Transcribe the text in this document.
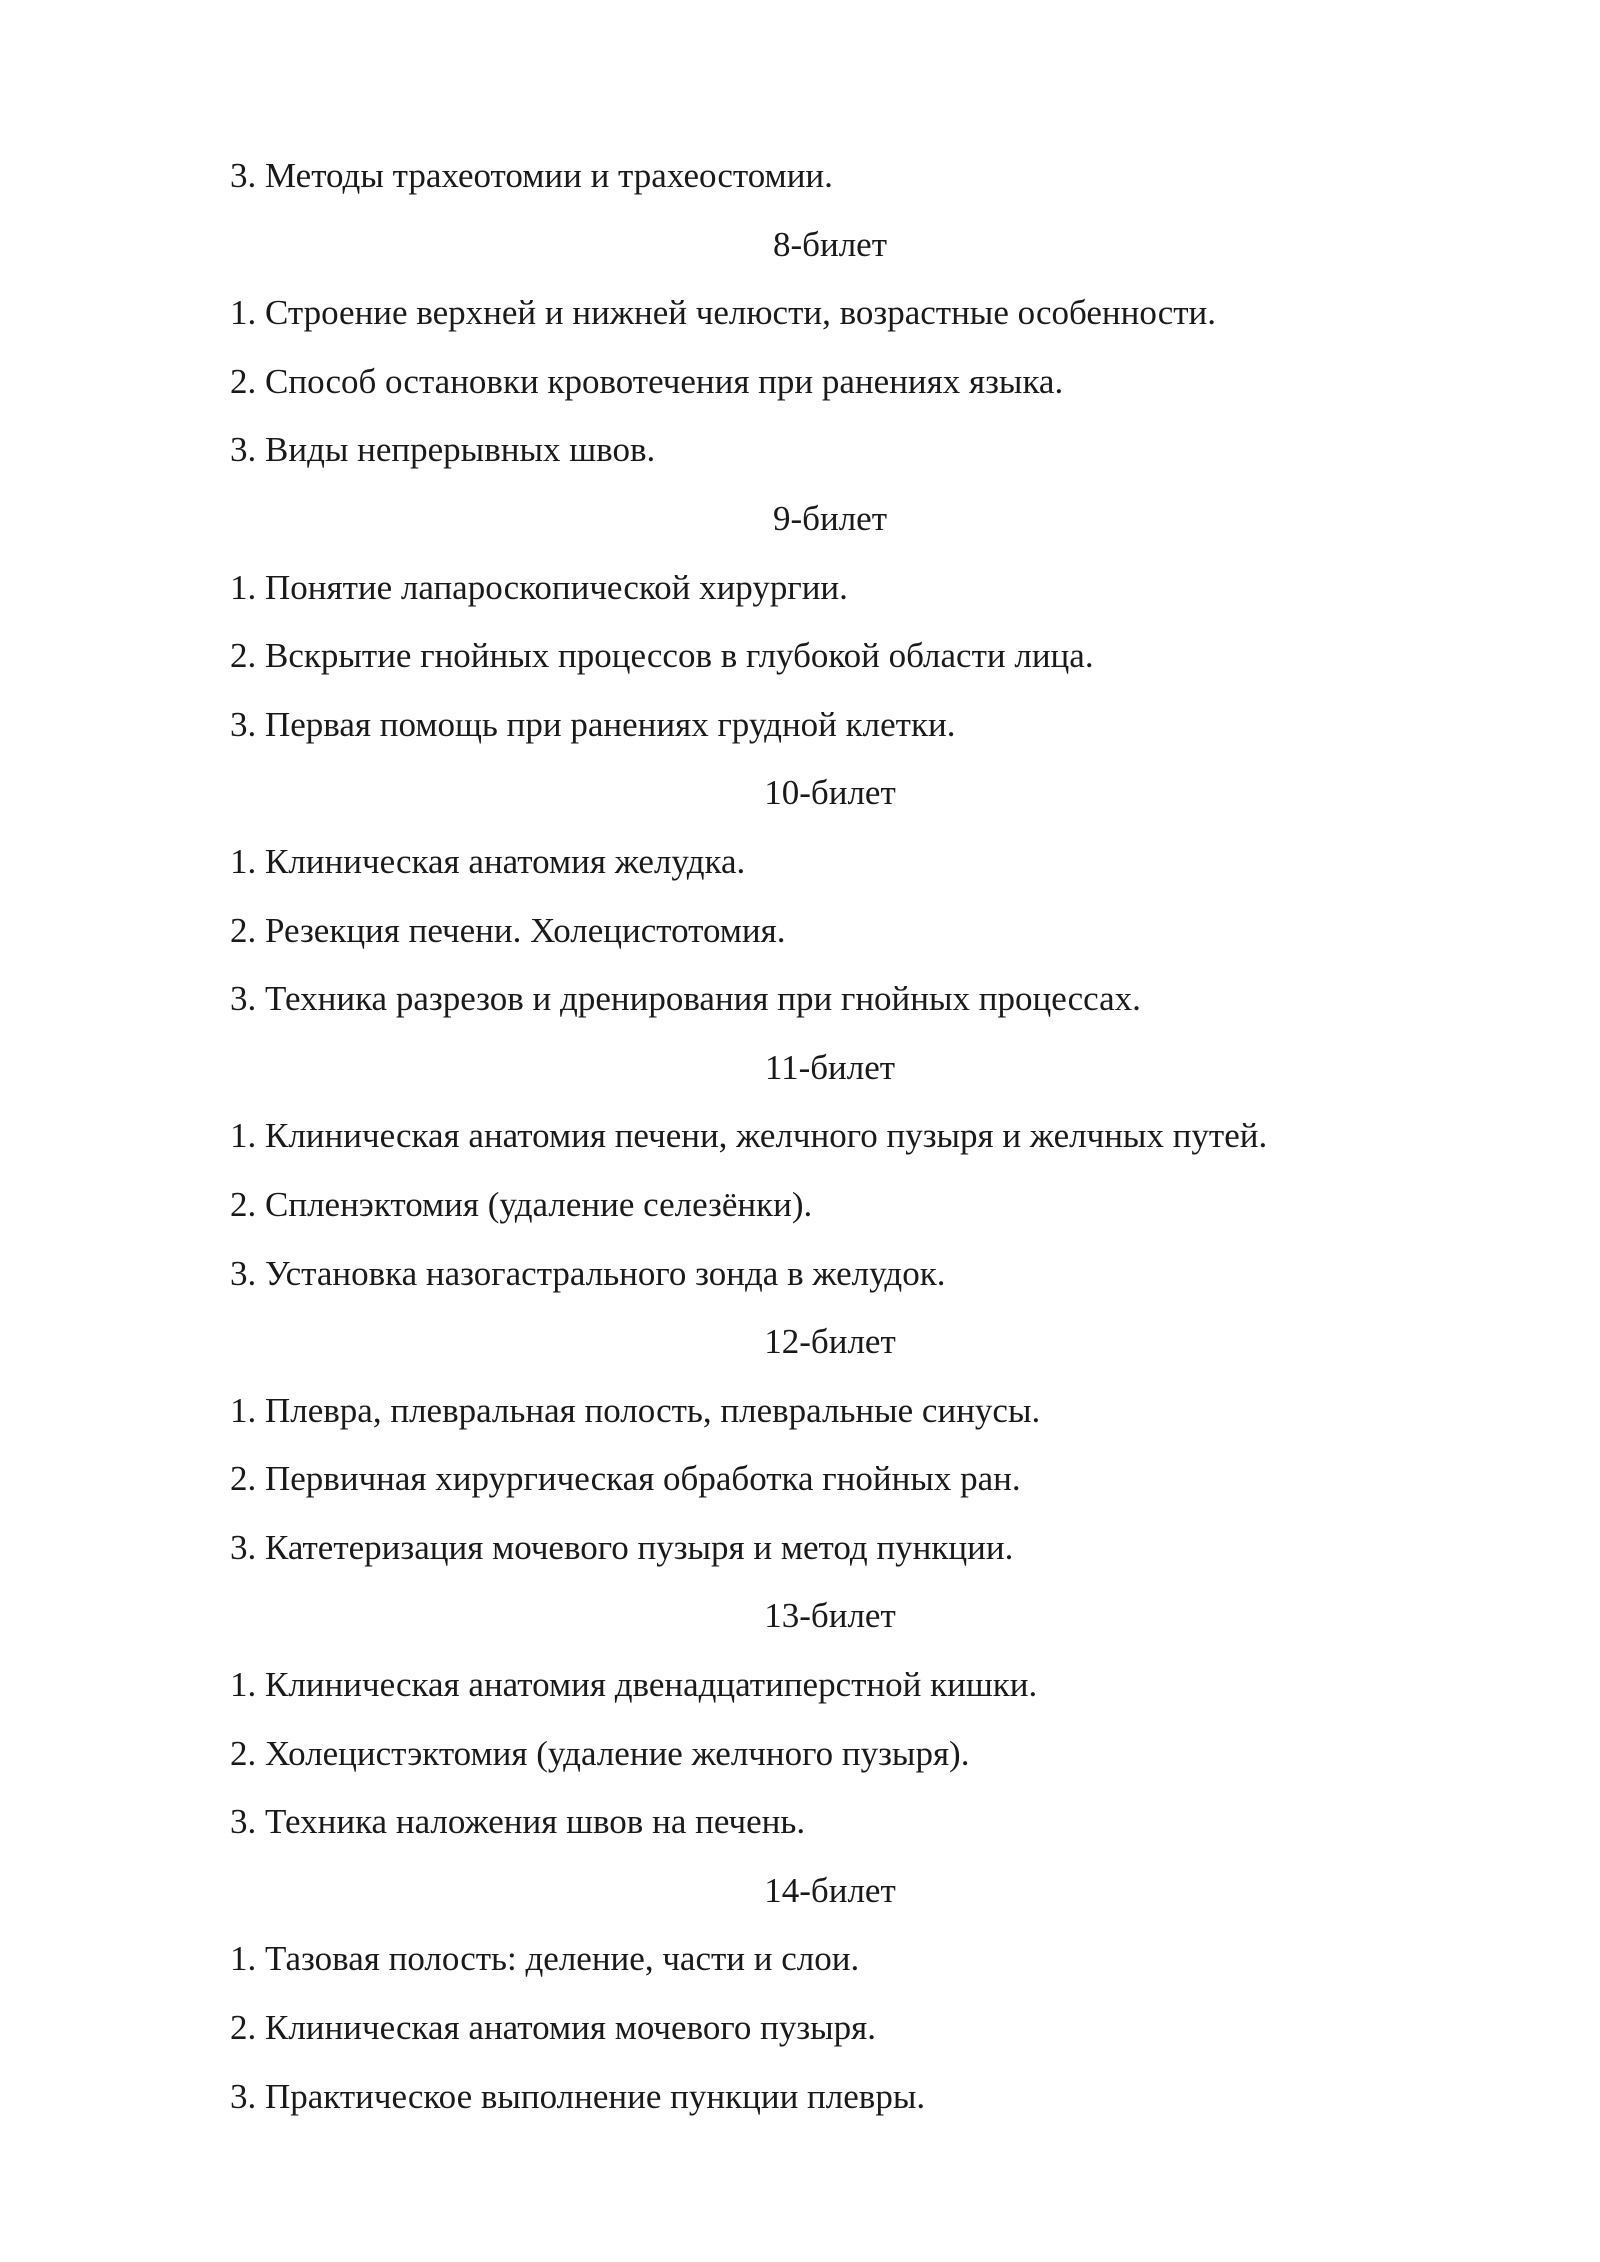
3. Методы трахеотомии и трахеостомии.
8-билет
1. Строение верхней и нижней челюсти, возрастные особенности.
2. Способ остановки кровотечения при ранениях языка.
3. Виды непрерывных швов.
9-билет
1. Понятие лапароскопической хирургии.
2. Вскрытие гнойных процессов в глубокой области лица.
3. Первая помощь при ранениях грудной клетки.
10-билет
1. Клиническая анатомия желудка.
2. Резекция печени. Холецистотомия.
3. Техника разрезов и дренирования при гнойных процессах.
11-билет
1. Клиническая анатомия печени, желчного пузыря и желчных путей.
2. Спленэктомия (удаление селезёнки).
3. Установка назогастрального зонда в желудок.
12-билет
1. Плевра, плевральная полость, плевральные синусы.
2. Первичная хирургическая обработка гнойных ран.
3. Катетеризация мочевого пузыря и метод пункции.
13-билет
1. Клиническая анатомия двенадцатиперстной кишки.
2. Холецистэктомия (удаление желчного пузыря).
3. Техника наложения швов на печень.
14-билет
1. Тазовая полость: деление, части и слои.
2. Клиническая анатомия мочевого пузыря.
3. Практическое выполнение пункции плевры.
